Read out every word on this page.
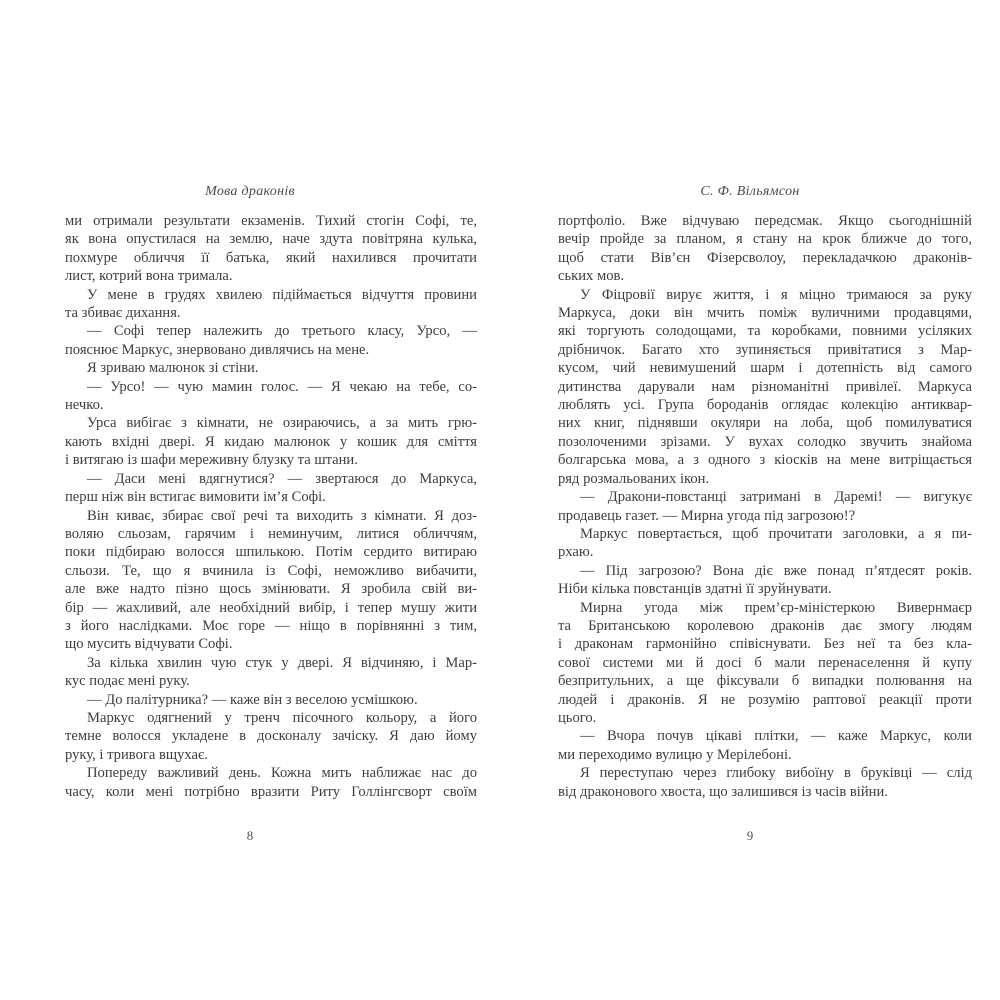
Мова драконів
ми отримали результати екзаменів. Тихий стогін Софі, те,
як вона опустилася на землю, наче здута повітряна кулька,
похмуре обличчя її батька, який нахилився прочитати
лист, котрий вона тримала.
У мене в грудях хвилею підіймається відчуття провини
та збиває дихання.
— Софі тепер належить до третього класу, Урсо, —
пояснює Маркус, знервовано дивлячись на мене.
Я зриваю малюнок зі стіни.
— Урсо! — чую мамин голос. — Я чекаю на тебе, со-
нечко.
Урса вибігає з кімнати, не озираючись, а за мить грю-
кають вхідні двері. Я кидаю малюнок у кошик для сміття
і витягаю із шафи мереживну блузку та штани.
— Даси мені вдягнутися? — звертаюся до Маркуса,
перш ніж він встигає вимовити ім’я Софі.
Він киває, збирає свої речі та виходить з кімнати. Я доз-
воляю сльозам, гарячим і неминучим, литися обличчям,
поки підбираю волосся шпилькою. Потім сердито витираю
сльози. Те, що я вчинила із Софі, неможливо вибачити,
але вже надто пізно щось змінювати. Я зробила свій ви-
бір — жахливий, але необхідний вибір, і тепер мушу жити
з його наслідками. Моє горе — ніщо в порівнянні з тим,
що мусить відчувати Софі.
За кілька хвилин чую стук у двері. Я відчиняю, і Мар-
кус подає мені руку.
— До палітурника? — каже він з веселою усмішкою.
Маркус одягнений у тренч пісочного кольору, а його
темне волосся укладене в досконалу зачіску. Я даю йому
руку, і тривога вщухає.
Попереду важливий день. Кожна мить наближає нас до
часу, коли мені потрібно вразити Риту Голлінгсворт своїм
8
С. Ф. Вільямсон
портфоліо. Вже відчуваю передсмак. Якщо сьогоднішній
вечір пройде за планом, я стану на крок ближче до того,
щоб стати Вів’єн Фізерсволоу, перекладачкою драконів-
ських мов.
У Фіцровії вирує життя, і я міцно тримаюся за руку
Маркуса, доки він мчить поміж вуличними продавцями,
які торгують солодощами, та коробками, повними усіляких
дрібничок. Багато хто зупиняється привітатися з Мар-
кусом, чий невимушений шарм і дотепність від самого
дитинства дарували нам різноманітні привілеї. Маркуса
люблять усі. Група бороданів оглядає колекцію антиквар-
них книг, піднявши окуляри на лоба, щоб помилуватися
позолоченими зрізами. У вухах солодко звучить знайома
болгарська мова, а з одного з кіосків на мене витріщається
ряд розмальованих ікон.
— Дракони-повстанці затримані в Даремі! — вигукує
продавець газет. — Мирна угода під загрозою!?
Маркус повертається, щоб прочитати заголовки, а я пи-
рхаю.
— Під загрозою? Вона діє вже понад п’ятдесят років.
Ніби кілька повстанців здатні її зруйнувати.
Мирна угода між прем’єр-міністеркою Вивернмаєр
та Британською королевою драконів дає змогу людям
і драконам гармонійно співіснувати. Без неї та без кла-
сової системи ми й досі б мали перенаселення й купу
безпритульних, а ще фіксували б випадки полювання на
людей і драконів. Я не розумію раптової реакції проти
цього.
— Вчора почув цікаві плітки, — каже Маркус, коли
ми переходимо вулицю у Мерілебоні.
Я переступаю через глибоку вибоїну в бруківці — слід
від драконового хвоста, що залишився із часів війни.
9
